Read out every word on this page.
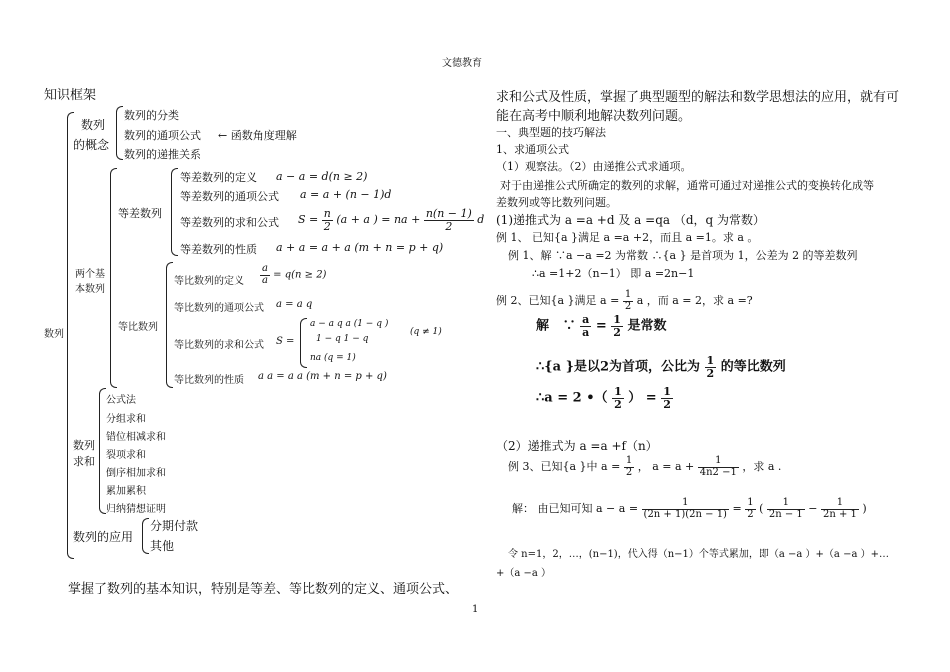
文德教育
知识框架
数列
数列
的概念
数列的分类
数列的通项公式 ← 函数角度理解
数列的递推关系
两个基
本数列
等差数列
等差数列的定义 a − a = d(n ≥ 2)
等差数列的通项公式 a = a + (n − 1)d
等差数列的求和公式 $S = \frac{n}{2} (a + a$ ) = na + $\frac{n(n - 1)}{2}$ d
等差数列的性质 a + a = a + a (m + n = p + q)
等比数列
等比数列的定义 $\frac{a}{a} = q(n \ge 2)$
等比数列的通项公式 a = a q
等比数列的求和公式 S =
a − a q a (1 − q )
1 − q 1 − q
(q ≠ 1)
na (q = 1)
等比数列的性质 a a = a a (m + n = p + q)
数列
求和
公式法
分组求和
错位相减求和
裂项求和
倒序相加求和
累加累积
归纳猜想证明
数列的应用
分期付款
其他
掌握了数列的基本知识，特别是等差、等比数列的定义、通项公式、
求和公式及性质，掌握了典型题型的解法和数学思想法的应用，就有可
能在高考中顺利地解决数列问题。
一、典型题的技巧解法
1、求通项公式
（1）观察法。（2）由递推公式求通项。
对于由递推公式所确定的数列的求解，通常可通过对递推公式的变换转化成等
差数列或等比数列问题。
(1)递推式为 a =a +d 及 a =qa （d，q 为常数）
例 1、 已知{a }满足 a =a +2，而且 a =1。求 a 。
例 1、解 ∵a −a =2 为常数 ∴{a } 是首项为 1，公差为 2 的等差数列
∴a =1+2（n−1） 即 a =2n−1
例 2、已知{a }满足 $a = \frac{1}{2}$ a ，而 a = 2，求 a =?
解 ∵ $\frac{a}{a} = \frac{1}{2}$ 是常数
∴{a }是以2为首项，公比为 $\frac{1}{2}$ 的等比数列
∴a = 2 •（ $\frac{1}{2}$ ） = $\frac{1}{2}$
（2）递推式为 a =a +f（n）
例 3、已知{a }中 $a = \frac{1}{2}$ ， $a = a + \frac{1}{4n2 -1}$ ，求 a .
解： 由已知可知 $a - a = \frac{1}{(2n + 1)(2n - 1)} = \frac{1}{2}$ ( $\frac{1}{2n - 1} - \frac{1}{2n + 1}$ )
令 n=1，2，…，(n−1)，代入得（n−1）个等式累加，即（a −a ）+（a −a ）+…
+（a −a ）
1
